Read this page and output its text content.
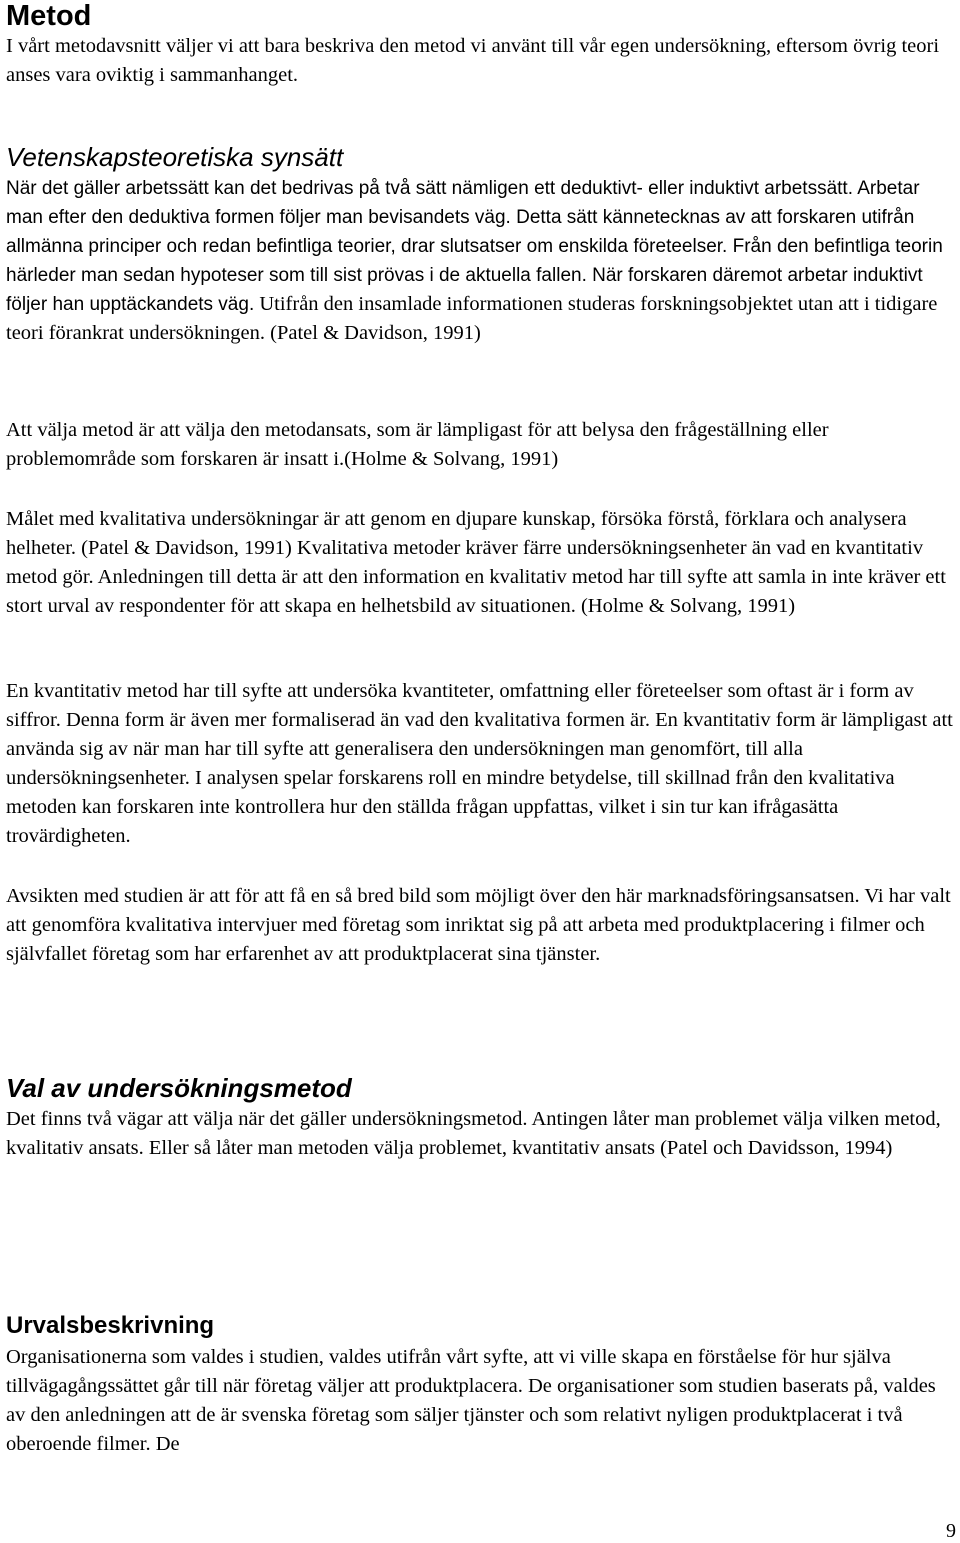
Metod

I vårt metodavsnitt väljer vi att bara beskriva den metod vi använt till vår egen undersökning, eftersom övrig teori anses vara oviktig i sammanhanget.

Vetenskapsteoretiska synsätt

När det gäller arbetssätt kan det bedrivas på två sätt nämligen ett deduktivt- eller induktivt arbetssätt. Arbetar man efter den deduktiva formen följer man bevisandets väg. Detta sätt kännetecknas av att forskaren utifrån allmänna principer och redan befintliga teorier, drar slutsatser om enskilda företeelser. Från den befintliga teorin härleder man sedan hypoteser som till sist prövas i de aktuella fallen. När forskaren däremot arbetar induktivt följer han upptäckandets väg. Utifrån den insamlade informationen studeras forskningsobjektet utan att i tidigare teori förankrat undersökningen. (Patel & Davidson, 1991)

Att välja metod är att välja den metodansats, som är lämpligast för att belysa den frågeställning eller problemområde som forskaren är insatt i.(Holme & Solvang, 1991)

Målet med kvalitativa undersökningar är att genom en djupare kunskap, försöka förstå, förklara och analysera helheter. (Patel & Davidson, 1991) Kvalitativa metoder kräver färre undersökningsenheter än vad en kvantitativ metod gör. Anledningen till detta är att den information en kvalitativ metod har till syfte att samla in inte kräver ett stort urval av respondenter för att skapa en helhetsbild av situationen. (Holme & Solvang, 1991)

En kvantitativ metod har till syfte att undersöka kvantiteter, omfattning eller företeelser som oftast är i form av siffror. Denna form är även mer formaliserad än vad den kvalitativa formen är. En kvantitativ form är lämpligast att använda sig av när man har till syfte att generalisera den undersökningen man genomfört, till alla undersökningsenheter. I analysen spelar forskarens roll en mindre betydelse, till skillnad från den kvalitativa metoden kan forskaren inte kontrollera hur den ställda frågan uppfattas, vilket i sin tur kan ifrågasätta trovärdigheten.

Avsikten med studien är att för att få en så bred bild som möjligt över den här marknadsföringsansatsen. Vi har valt att genomföra kvalitativa intervjuer med företag som inriktat sig på att arbeta med produktplacering i filmer och självfallet företag som har erfarenhet av att produktplacerat sina tjänster.

Val av undersökningsmetod

Det finns två vägar att välja när det gäller undersökningsmetod. Antingen låter man problemet välja vilken metod, kvalitativ ansats. Eller så låter man metoden välja problemet, kvantitativ ansats (Patel och Davidsson, 1994)

Urvalsbeskrivning

Organisationerna som valdes i studien, valdes utifrån vårt syfte, att vi ville skapa en förståelse för hur själva tillvägagångssättet går till när företag väljer att produktplacera. De organisationer som studien baserats på, valdes av den anledningen att de är svenska företag som säljer tjänster och som relativt nyligen produktplacerat i två oberoende filmer. De

9
